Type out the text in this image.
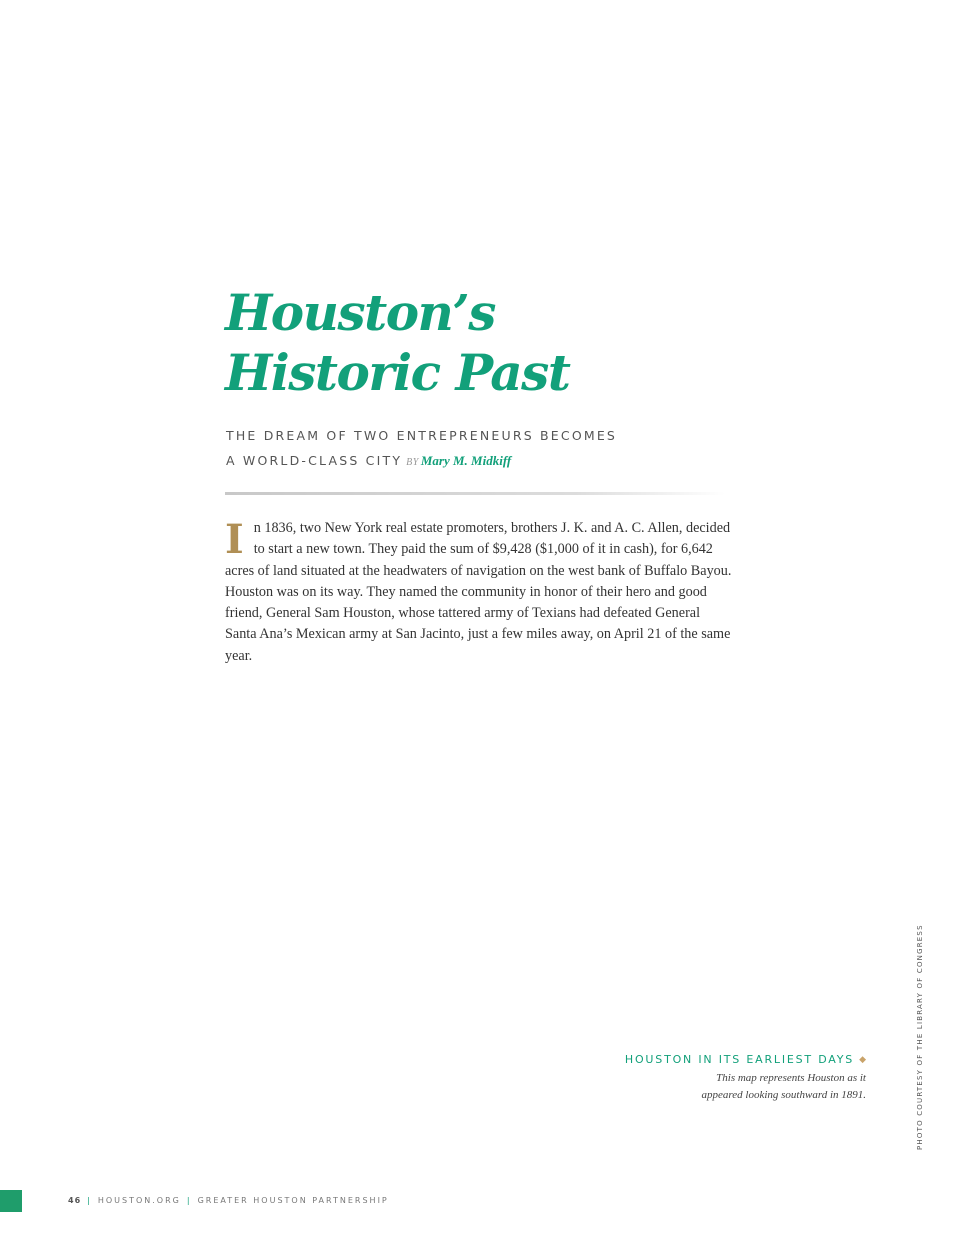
Houston’s
Historic Past
THE DREAM OF TWO ENTREPRENEURS BECOMES
A WORLD-CLASS CITY BY Mary M. Midkiff

In 1836, two New York real estate promoters, brothers J. K. and A. C. Allen, decided to start a new town. They paid the sum of $9,428 ($1,000 of it in cash), for 6,642 acres of land situated at the headwaters of navigation on the west bank of Buffalo Bayou. Houston was on its way. They named the community in honor of their hero and good friend, General Sam Houston, whose tattered army of Texians had defeated General Santa Ana’s Mexican army at San Jacinto, just a few miles away, on April 21 of the same year.

HOUSTON IN ITS EARLIEST DAYS ◆
This map represents Houston as it
appeared looking southward in 1891.	PHOTO COURTESY OF THE LIBRARY OF CONGRESS
46 | HOUSTON.ORG | GREATER HOUSTON PARTNERSHIP
